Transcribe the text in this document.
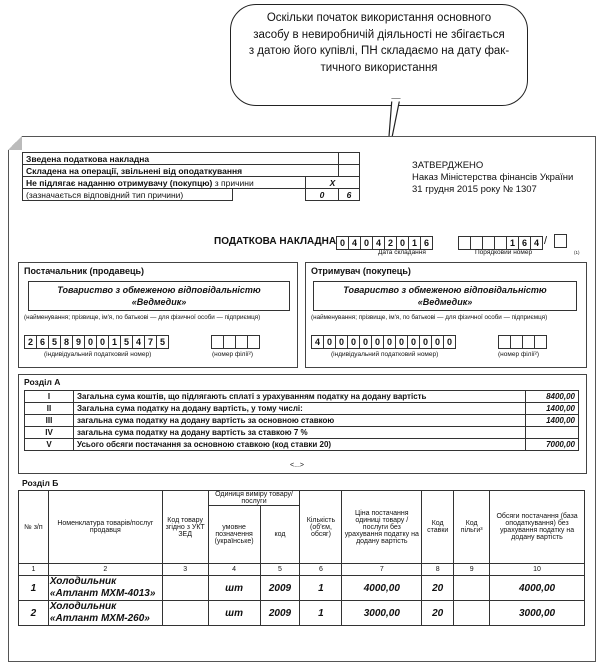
Оскільки початок використання основного
засобу в невиробничій діяльності не збігається
з датою його купівлі, ПН складаємо на дату фак-
тичного використання
Зведена податкова накладна			
Складена на операції, звільнені від оподаткування			
Не підлягає наданню отримувачу (покупцю) з причини		X	
(зазначається відповідний тип причини)		0	6
ЗАТВЕРДЖЕНО
Наказ Міністерства фінансів України
31 грудня 2015 року № 1307
ПОДАТКОВА НАКЛАДНА 0 4 0 4 2 0 1 6
Дата складання
1 6 4 /
Порядковий номер	(1)
Постачальник (продавець)
Товариство з обмеженою відповідальністю
«Ведмедик»
(найменування; прізвище, ім'я, по батькові — для фізичної особи — підприємця)
2 6 5 8 9 0 0 1 5 4 7 5
(індивідуальний податковий номер)	(номер філії²)
Отримувач (покупець)
Товариство з обмеженою відповідальністю
«Ведмедик»
(найменування; прізвище, ім'я, по батькові — для фізичної особи — підприємця)
4 0 0 0 0 0 0 0 0 0 0 0
(індивідуальний податковий номер)	(номер філії²)
Розділ А
I	Загальна сума коштів, що підлягають сплаті з урахуванням податку на додану вартість	8400,00
II	Загальна сума податку на додану вартість, у тому числі:	1400,00
III	загальна сума податку на додану вартість за основною ставкою	1400,00
IV	загальна сума податку на додану вартість за ставкою 7 %	
V	Усього обсяги постачання за основною ставкою (код ставки 20)	7000,00
<...>
Розділ Б
№ з/п	Номенклатура товарів/послуг продавця	Код товару згідно з УКТ ЗЕД	Одиниця виміру товару/ послуги		Кількість (об'єм, обсяг)	Ціна постачання одиниці товару / послуги без урахування податку на додану вартість	Код ставки	Код пільги³	Обсяги постачання (база оподаткування) без урахування податку на додану вартість
			умовне позначення (українське)	код					
1	2	3	4	5	6	7	8	9	10
1	Холодильник
«Атлант МХМ-4013»		шт	2009	1	4000,00	20		4000,00
2	Холодильник
«Атлант МХМ-260»		шт	2009	1	3000,00	20		3000,00
